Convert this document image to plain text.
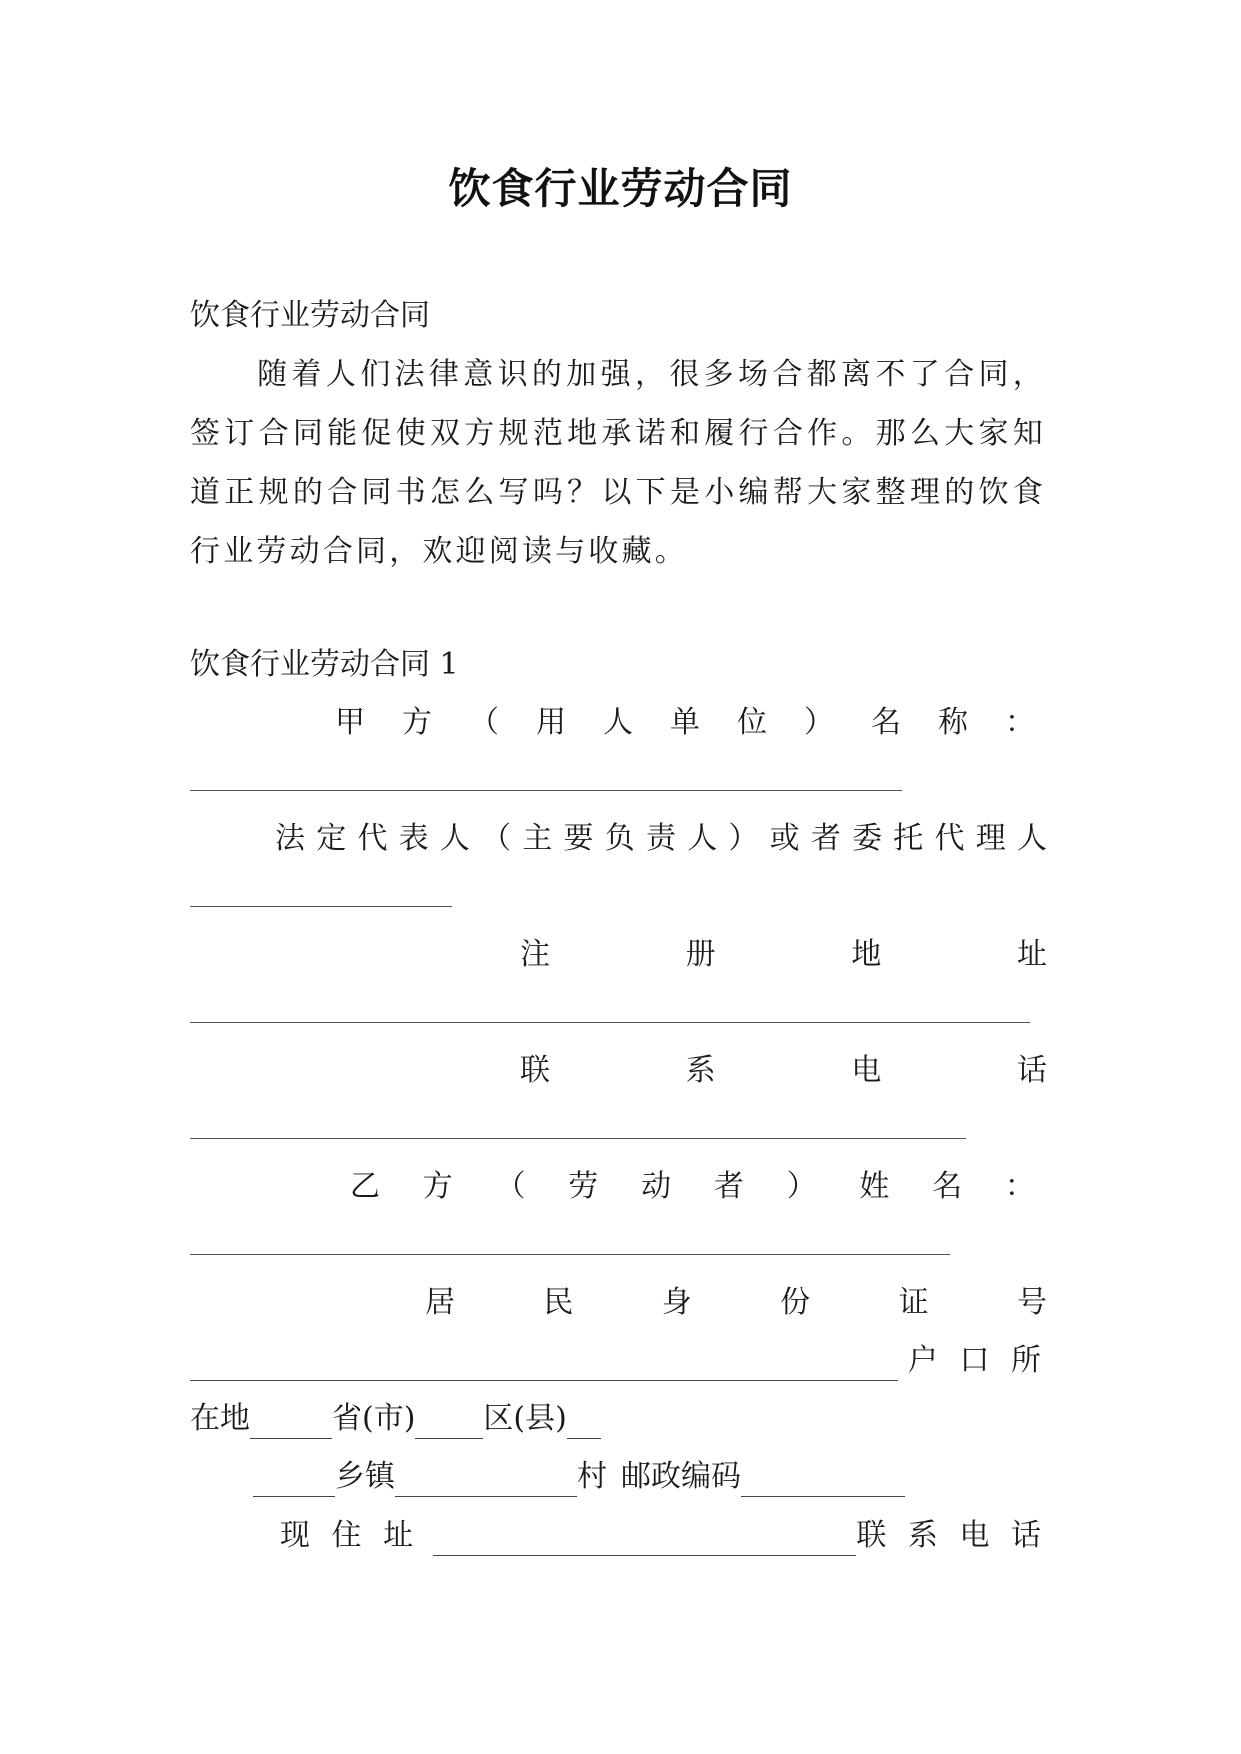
饮食行业劳动合同
饮食行业劳动合同
随着人们法律意识的加强，很多场合都离不了合同，签订合同能促使双方规范地承诺和履行合作。那么大家知道正规的合同书怎么写吗？以下是小编帮大家整理的饮食行业劳动合同，欢迎阅读与收藏。
饮食行业劳动合同 1
甲 方 （ 用 人 单 位 ） 名 称 ：
法 定 代 表 人 （ 主 要 负 责 人 ） 或 者 委 托 代 理 人
注	册	地	址
联	系	电	话
乙 方 （ 劳 动 者 ） 姓 名 ：
居	民	身	份	证	号
户 口 所
在地	省(市) 区(县)
乡镇	村 邮政编码
现 住 址	联 系 电 话
